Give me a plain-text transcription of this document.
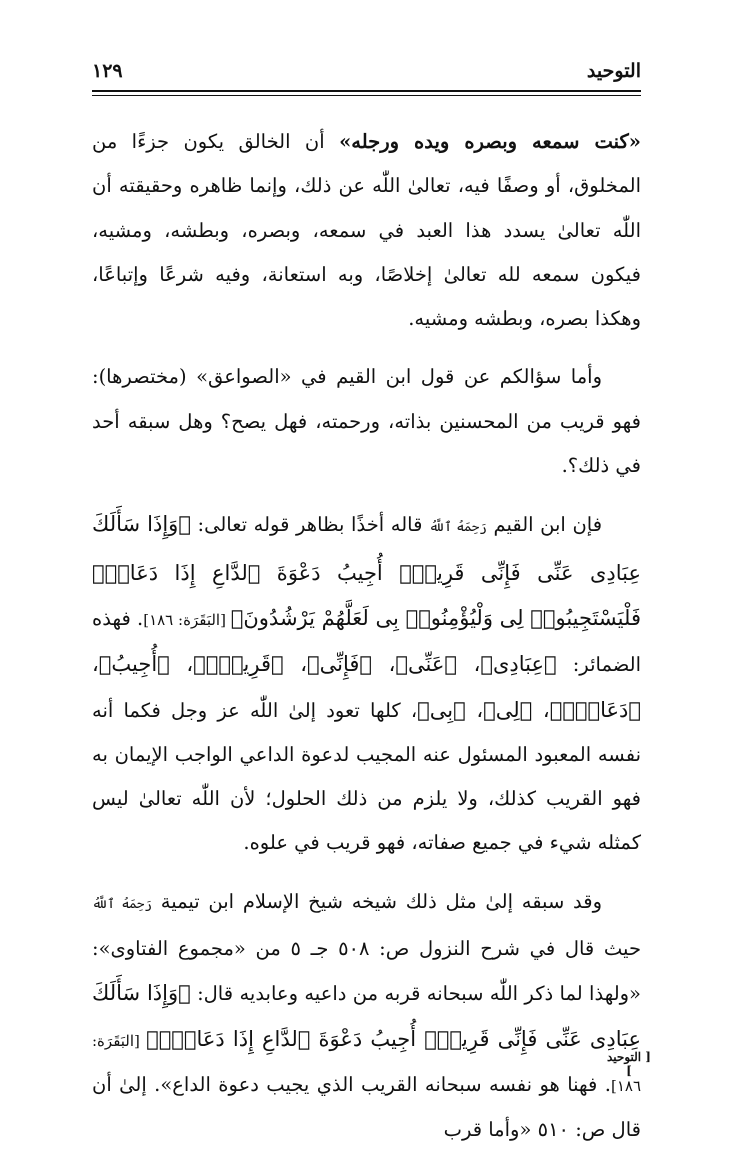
التوحيد
١٢٩

«كنت سمعه وبصره ويده ورجله» أن الخالق يكون جزءًا من المخلوق، أو وصفًا فيه، تعالىٰ اللّٰه عن ذلك، وإنما ظاهره وحقيقته أن اللّٰه تعالىٰ يسدد هذا العبد في سمعه، وبصره، وبطشه، ومشيه، فيكون سمعه لله تعالىٰ إخلاصًا، وبه استعانة، وفيه شرعًا وإتباعًا، وهكذا بصره، وبطشه ومشيه.

وأما سؤالكم عن قول ابن القيم في «الصواعق» (مختصرها): فهو قريب من المحسنين بذاته، ورحمته، فهل يصح؟ وهل سبقه أحد في ذلك؟.

فإن ابن القيم رَحِمَهُ ٱللَّهُ قاله أخذًا بظاهر قوله تعالى: ﴿وَإِذَا سَأَلَكَ عِبَادِى عَنِّى فَإِنِّى قَرِيبٌۖ أُجِيبُ دَعْوَةَ ٱلدَّاعِ إِذَا دَعَانِۖ فَلْيَسْتَجِيبُوا۟ لِى وَلْيُؤْمِنُوا۟ بِى لَعَلَّهُمْ يَرْشُدُونَ﴾ [البَقَرَة: ١٨٦]. فهذه الضمائر: ﴿عِبَادِى﴾، ﴿عَنِّى﴾، ﴿فَإِنِّى﴾، ﴿قَرِيبٌۖ﴾، ﴿أُجِيبُ﴾، ﴿دَعَانِۖ﴾، ﴿لِى﴾، ﴿بِى﴾، كلها تعود إلىٰ اللّٰه عز وجل فكما أنه نفسه المعبود المسئول عنه المجيب لدعوة الداعي الواجب الإيمان به فهو القريب كذلك، ولا يلزم من ذلك الحلول؛ لأن اللّٰه تعالىٰ ليس كمثله شيء في جميع صفاته، فهو قريب في علوه.

وقد سبقه إلىٰ مثل ذلك شيخه شيخ الإسلام ابن تيمية رَحِمَهُ ٱللَّهُ حيث قال في شرح النزول ص: ٥٠٨ جـ ٥ من «مجموع الفتاوى»: «ولهذا لما ذكر اللّٰه سبحانه قربه من داعيه وعابديه قال: ﴿وَإِذَا سَأَلَكَ عِبَادِى عَنِّى فَإِنِّى قَرِيبٌۖ أُجِيبُ دَعْوَةَ ٱلدَّاعِ إِذَا دَعَانِۖ﴾ [البَقَرَة: ١٨٦]. فهنا هو نفسه سبحانه القريب الذي يجيب دعوة الداع». إلىٰ أن قال ص: ٥١٠ «وأما قرب

[ التوحيد ]
